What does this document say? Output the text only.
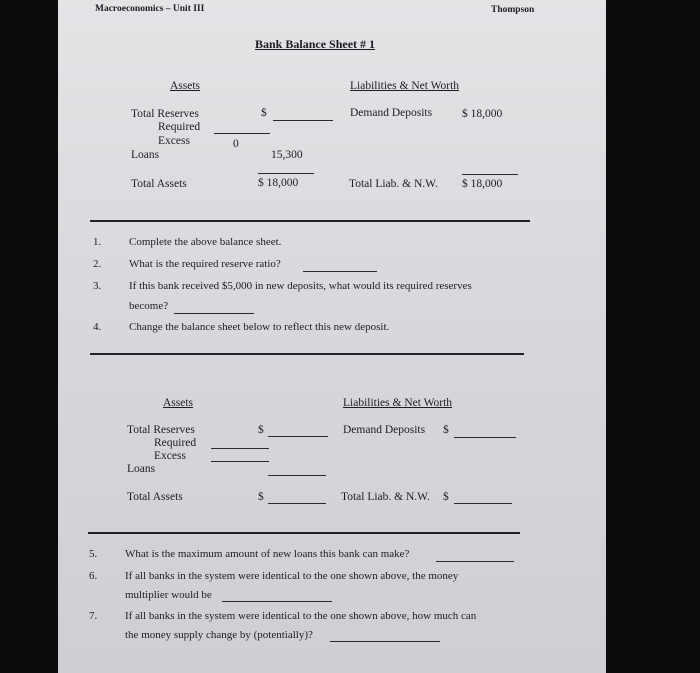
Macroeconomics – Unit III	Thompson
Bank Balance Sheet # 1
Assets	Liabilities & Net Worth
Total Reserves	$	Demand Deposits	$ 18,000
Required
Excess	0
Loans	15,300
Total Assets	$ 18,000	Total Liab. & N.W. $ 18,000
1.	Complete the above balance sheet.
2.	What is the required reserve ratio?
3.	If this bank received $5,000 in new deposits, what would its required reserves
become?
4.	Change the balance sheet below to reflect this new deposit.
Assets	Liabilities & Net Worth
Total Reserves	$	Demand Deposits $
Required
Excess
Loans
Total Assets	$	Total Liab. & N.W. $
5.	What is the maximum amount of new loans this bank can make?
6.	If all banks in the system were identical to the one shown above, the money
multiplier would be
7.	If all banks in the system were identical to the one shown above, how much can
the money supply change by (potentially)?
